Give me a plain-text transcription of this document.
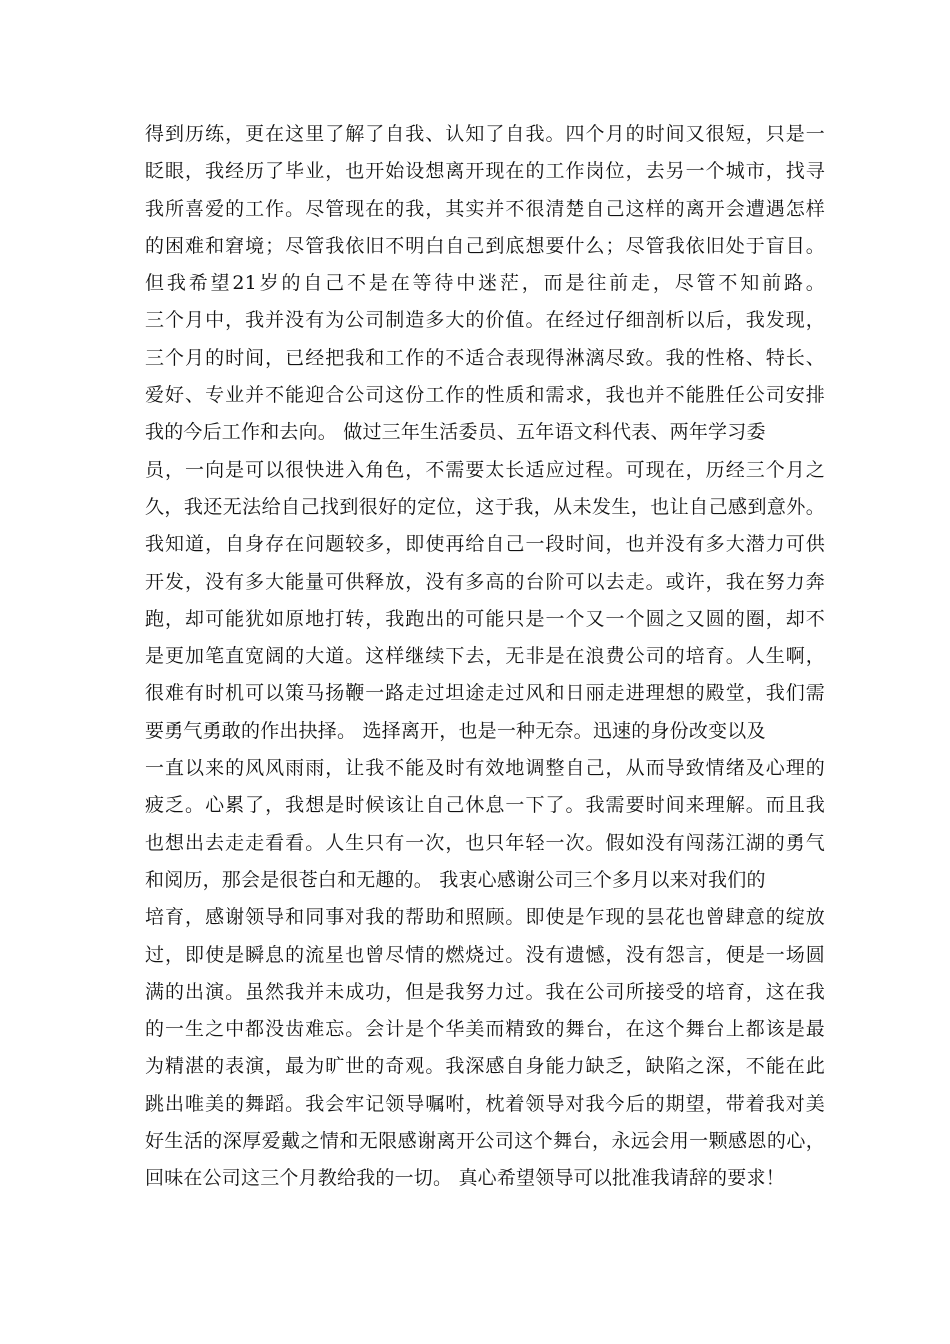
得到历练，更在这里了解了自我、认知了自我。四个月的时间又很短，只是一
眨眼，我经历了毕业，也开始设想离开现在的工作岗位，去另一个城市，找寻
我所喜爱的工作。尽管现在的我，其实并不很清楚自己这样的离开会遭遇怎样
的困难和窘境；尽管我依旧不明白自己到底想要什么；尽管我依旧处于盲目。
但我希望21岁的自己不是在等待中迷茫，而是往前走，尽管不知前路。
三个月中，我并没有为公司制造多大的价值。在经过仔细剖析以后，我发现，
三个月的时间，已经把我和工作的不适合表现得淋漓尽致。我的性格、特长、
爱好、专业并不能迎合公司这份工作的性质和需求，我也并不能胜任公司安排
我的今后工作和去向。 做过三年生活委员、五年语文科代表、两年学习委
员，一向是可以很快进入角色，不需要太长适应过程。可现在，历经三个月之
久，我还无法给自己找到很好的定位，这于我，从未发生，也让自己感到意外。
我知道，自身存在问题较多，即使再给自己一段时间，也并没有多大潜力可供
开发，没有多大能量可供释放，没有多高的台阶可以去走。或许，我在努力奔
跑，却可能犹如原地打转，我跑出的可能只是一个又一个圆之又圆的圈，却不
是更加笔直宽阔的大道。这样继续下去，无非是在浪费公司的培育。人生啊，
很难有时机可以策马扬鞭一路走过坦途走过风和日丽走进理想的殿堂，我们需
要勇气勇敢的作出抉择。 选择离开，也是一种无奈。迅速的身份改变以及
一直以来的风风雨雨，让我不能及时有效地调整自己，从而导致情绪及心理的
疲乏。心累了，我想是时候该让自己休息一下了。我需要时间来理解。而且我
也想出去走走看看。人生只有一次，也只年轻一次。假如没有闯荡江湖的勇气
和阅历，那会是很苍白和无趣的。 我衷心感谢公司三个多月以来对我们的
培育，感谢领导和同事对我的帮助和照顾。即使是乍现的昙花也曾肆意的绽放
过，即使是瞬息的流星也曾尽情的燃烧过。没有遗憾，没有怨言，便是一场圆
满的出演。虽然我并未成功，但是我努力过。我在公司所接受的培育，这在我
的一生之中都没齿难忘。会计是个华美而精致的舞台，在这个舞台上都该是最
为精湛的表演，最为旷世的奇观。我深感自身能力缺乏，缺陷之深，不能在此
跳出唯美的舞蹈。我会牢记领导嘱咐，枕着领导对我今后的期望，带着我对美
好生活的深厚爱戴之情和无限感谢离开公司这个舞台，永远会用一颗感恩的心，
回味在公司这三个月教给我的一切。 真心希望领导可以批准我请辞的要求！
